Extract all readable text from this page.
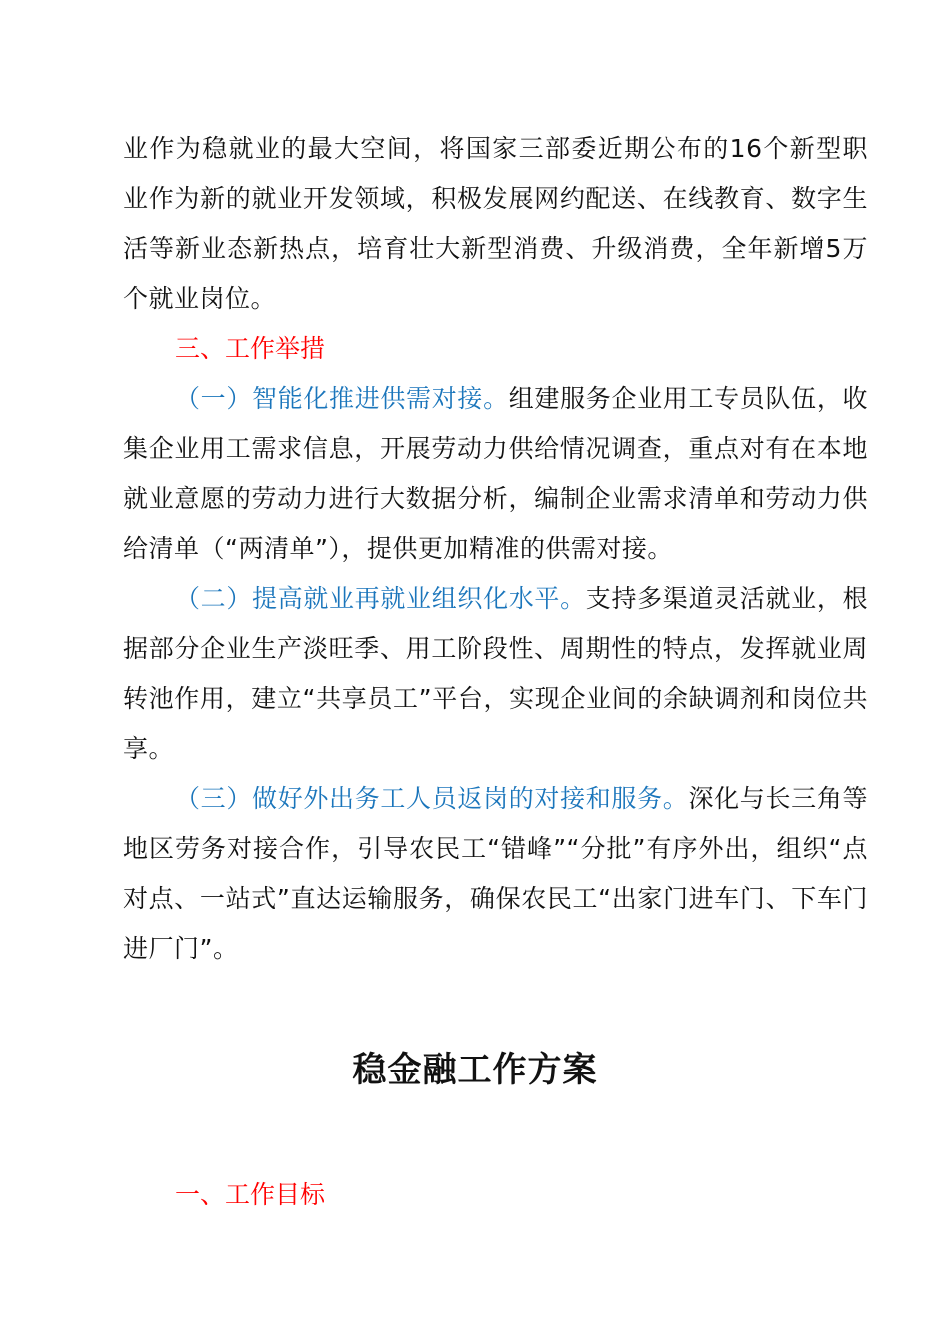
业作为稳就业的最大空间，将国家三部委近期公布的16个新型职业作为新的就业开发领域，积极发展网约配送、在线教育、数字生活等新业态新热点，培育壮大新型消费、升级消费，全年新增5万个就业岗位。

三、工作举措

（一）智能化推进供需对接。组建服务企业用工专员队伍，收集企业用工需求信息，开展劳动力供给情况调查，重点对有在本地就业意愿的劳动力进行大数据分析，编制企业需求清单和劳动力供给清单（“两清单”），提供更加精准的供需对接。

（二）提高就业再就业组织化水平。支持多渠道灵活就业，根据部分企业生产淡旺季、用工阶段性、周期性的特点，发挥就业周转池作用，建立“共享员工”平台，实现企业间的余缺调剂和岗位共享。

（三）做好外出务工人员返岗的对接和服务。深化与长三角等地区劳务对接合作，引导农民工“错峰”“分批”有序外出，组织“点对点、一站式”直达运输服务，确保农民工“出家门进车门、下车门进厂门”。

稳金融工作方案

一、工作目标
